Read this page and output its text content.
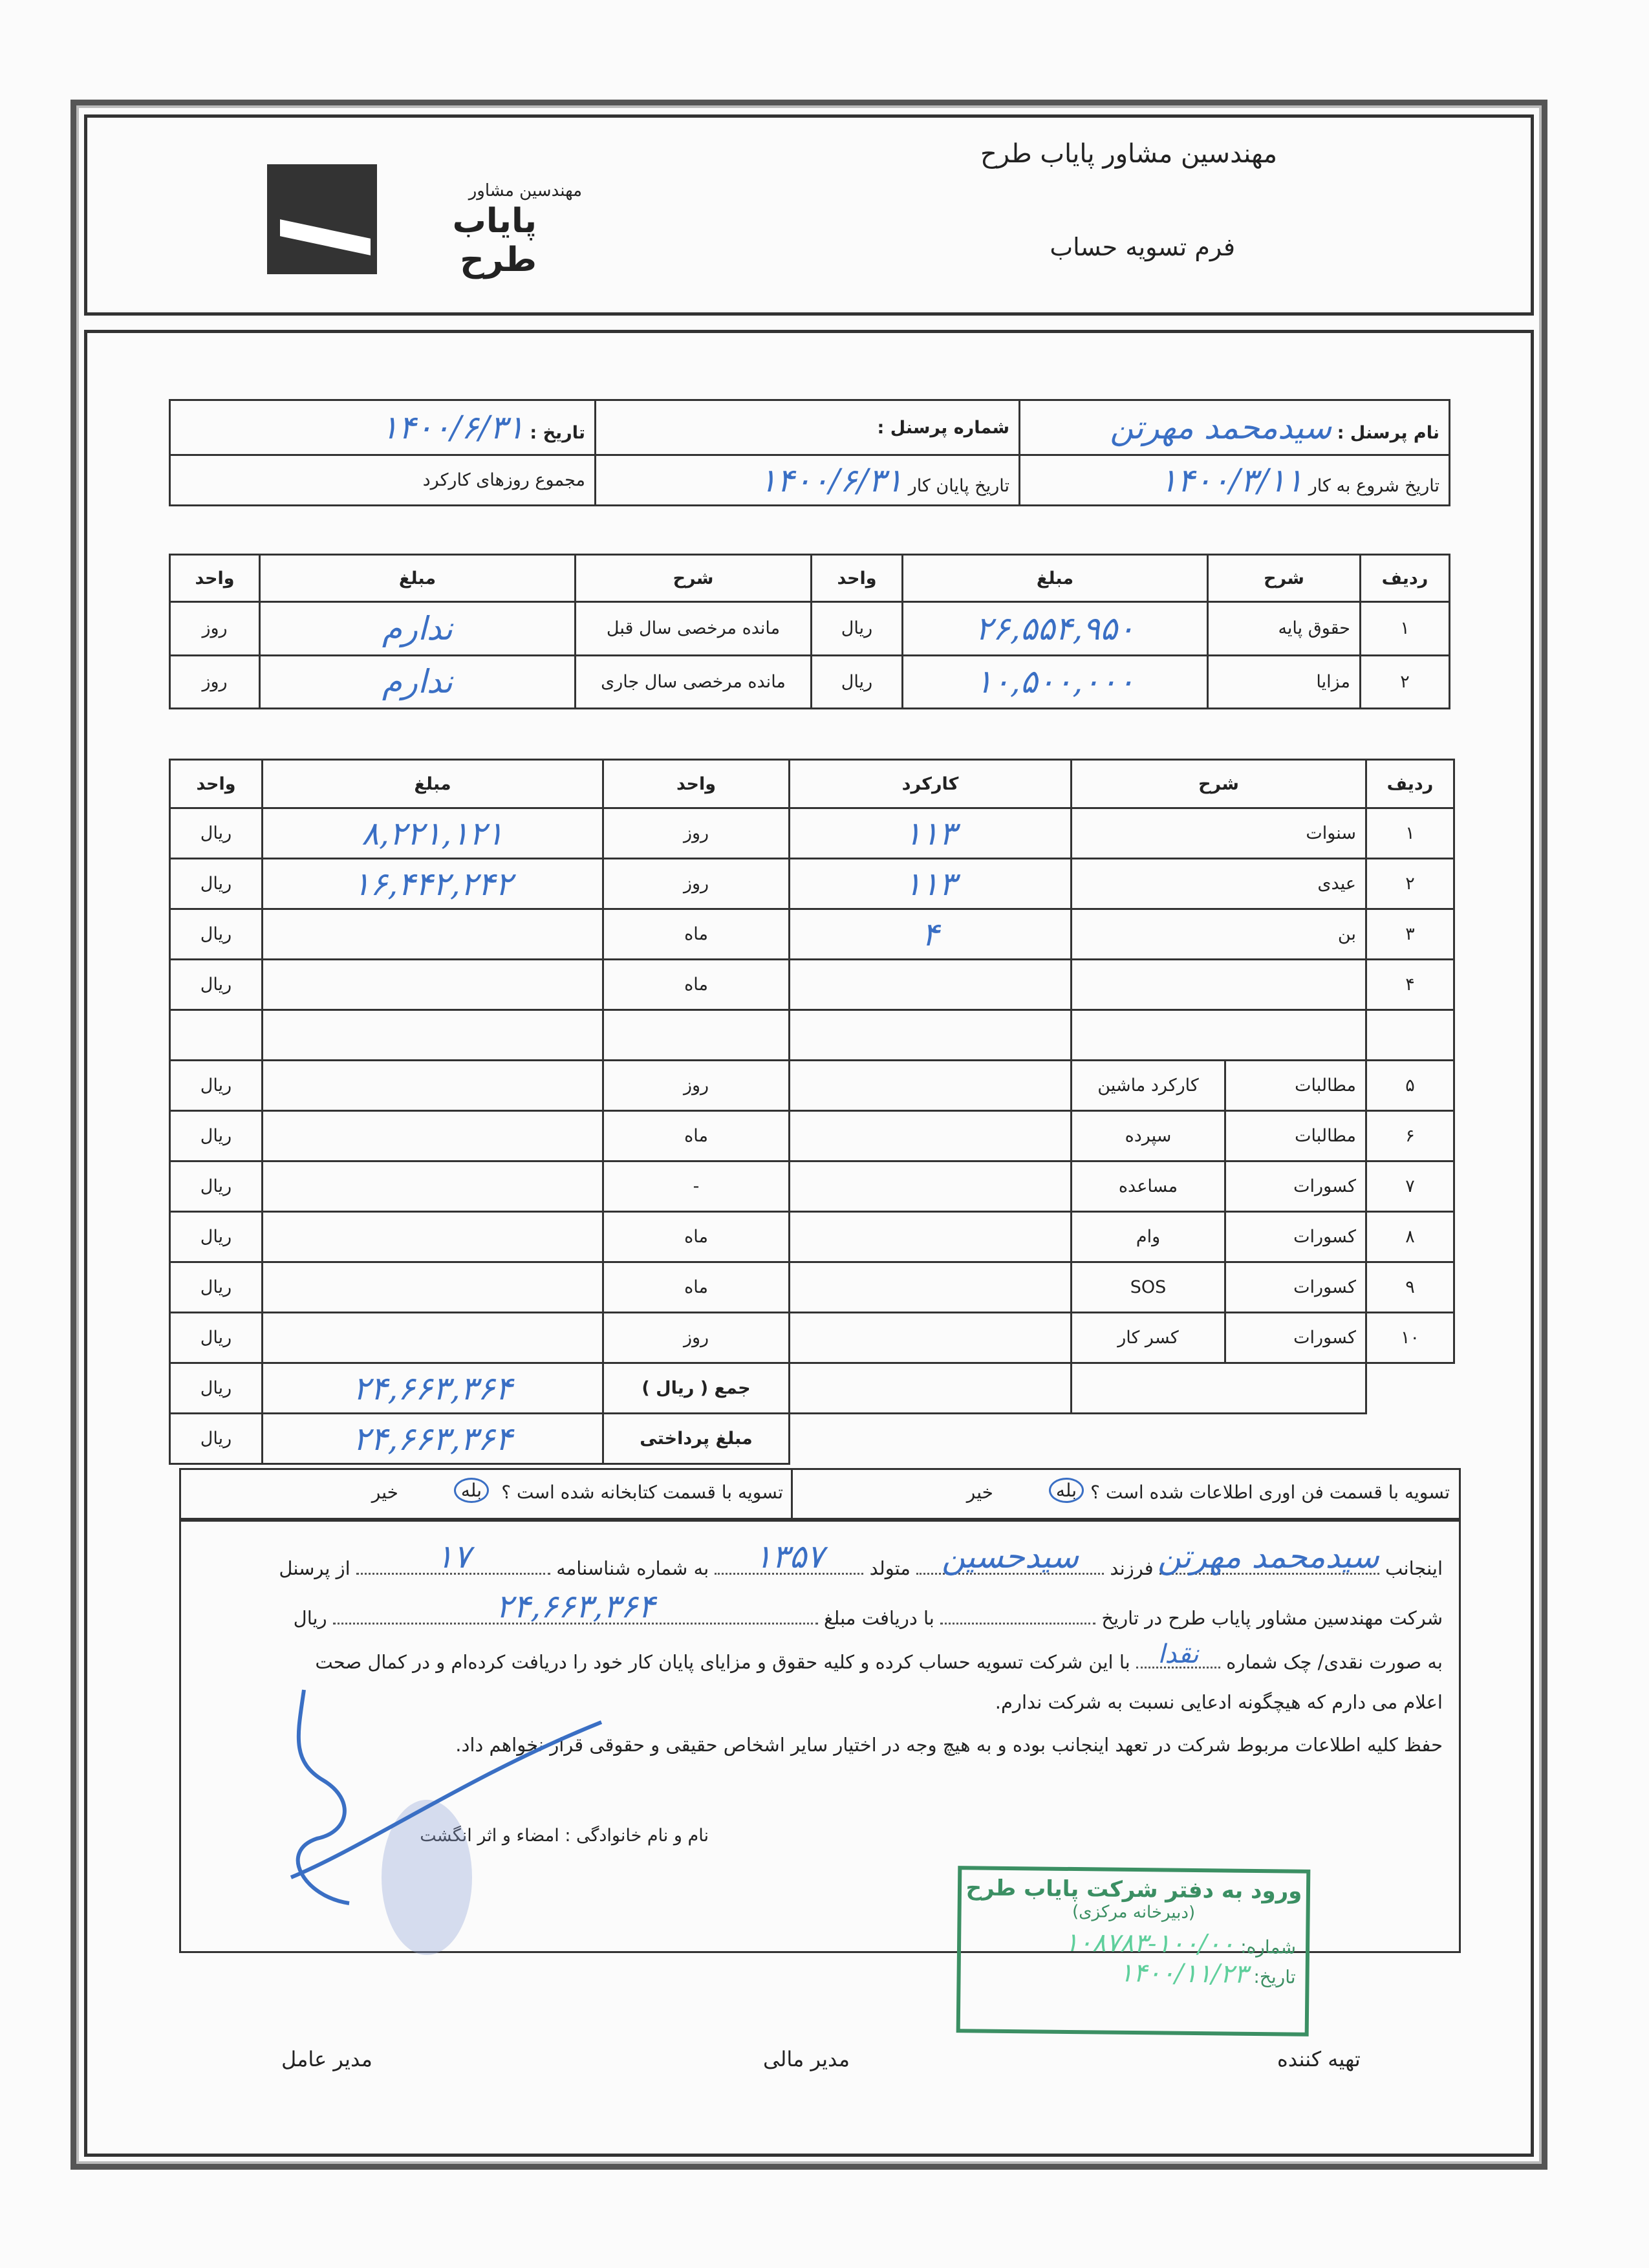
مهندسین مشاور
پایاب طرح
مهندسین مشاور پایاب طرح
فرم تسویه حساب
نام پرسنل : سیدمحمد مهرتن	شماره پرسنل :	تاریخ : ۱۴۰۰/۶/۳۱
تاریخ شروع به کار ۱۴۰۰/۳/۱۱	تاریخ پایان کار ۱۴۰۰/۶/۳۱	مجموع روزهای کارکرد
ردیف	شرح	مبلغ	واحد	شرح	مبلغ	واحد
۱	حقوق پایه	۲۶,۵۵۴,۹۵۰	ریال	مانده مرخصی سال قبل	ندارم	روز
۲	مزایا	۱۰,۵۰۰,۰۰۰	ریال	مانده مرخصی سال جاری	ندارم	روز
ردیف	شرح		کارکرد	واحد	مبلغ	واحد
۱	سنوات		۱۱۳	روز	۸,۲۲۱,۱۲۱	ریال
۲	عیدی		۱۱۳	روز	۱۶,۴۴۲,۲۴۲	ریال
۳	بن		۴	ماه		ریال
۴				ماه		ریال

۵	مطالبات	کارکرد ماشین		روز		ریال
۶	مطالبات	سپرده		ماه		ریال
۷	کسورات	مساعده		-		ریال
۸	کسورات	وام		ماه		ریال
۹	کسورات	SOS		ماه		ریال
۱۰	کسورات	کسر کار		روز		ریال
				جمع ( ریال )	۲۴,۶۶۳,۳۶۴	ریال
				مبلغ پرداختی	۲۴,۶۶۳,۳۶۴	ریال
تسویه با قسمت فن اوری اطلاعات شده است ؟
بله
خیر
تسویه با قسمت کتابخانه شده است ؟
بله
خیر
اینجانب
سیدمحمد مهرتن
فرزند
سیدحسین
متولد
۱۳۵۷
به شماره شناسنامه
۱۷
از پرسنل
شرکت مهندسین مشاور پایاب طرح در تاریخ  با دریافت مبلغ
۲۴,۶۶۳,۳۶۴
ریال
به صورت نقدی/ چک شماره
نقدا
با این شرکت تسویه حساب کرده و کلیه حقوق و مزایای پایان کار خود را دریافت کرده‌ام و در کمال صحت
اعلام می دارم که هیچگونه ادعایی نسبت به شرکت ندارم.
حفظ کلیه اطلاعات مربوط شرکت در تعهد اینجانب بوده و به هیچ وجه در اختیار سایر اشخاص حقیقی و حقوقی قرار نخواهم داد.
نام و نام خانوادگی : امضاء و اثر انگشت
ورود به دفتر شرکت پایاب طرح
(دبیرخانه مرکزی)
شماره: ۱۰۰/۰۰-۱۰۸۷۸۳
تاریخ: ۱۴۰۰/۱۱/۲۳
تهیه کننده
مدیر مالی
مدیر عامل
